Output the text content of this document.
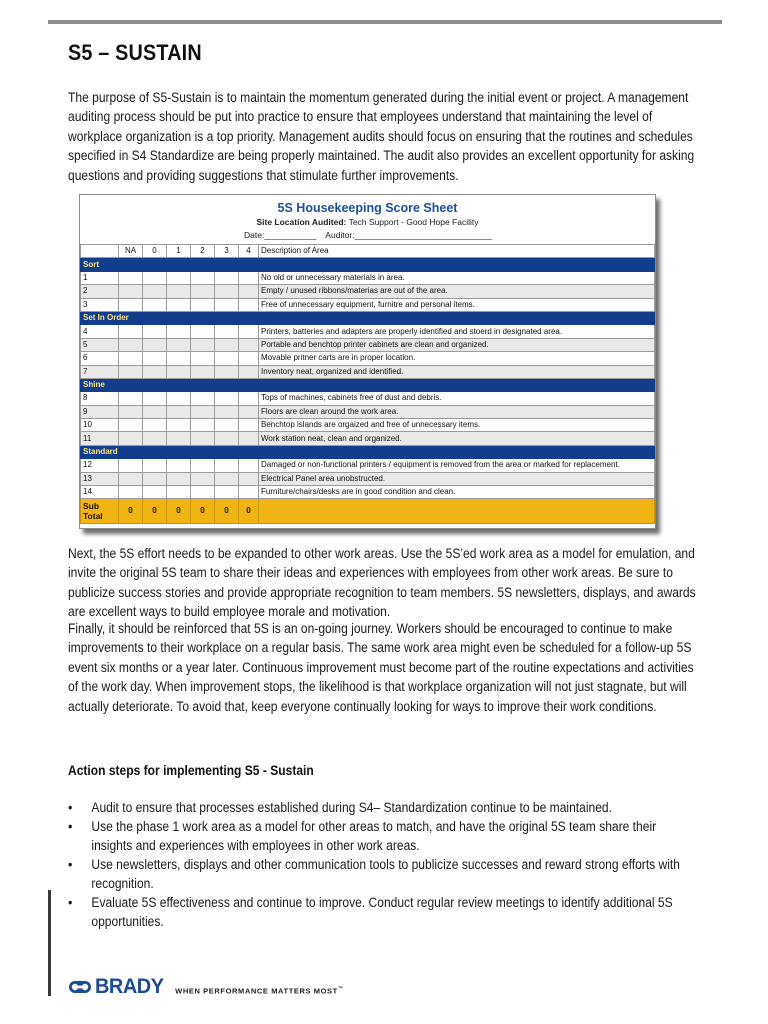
S5 – SUSTAIN

The purpose of S5-Sustain is to maintain the momentum generated during the initial event or project. A management auditing process should be put into practice to ensure that employees understand that maintaining the level of workplace organization is a top priority. Management audits should focus on ensuring that the routines and schedules specified in S4 Standardize are being properly maintained. The audit also provides an excellent opportunity for asking questions and providing suggestions that stimulate further improvements.

5S Housekeeping Score Sheet
Site Location Audited: Tech Support - Good Hope Facility
Date:___________    Auditor:_____________________________
	NA	0	1	2	3	4	Description of Area
Sort							
1							No old or unnecessary materials in area.
2							Empty / unused ribbons/materias are out of the area.
3							Free of unnecessary equipment, furnitre and personal items.
Set In Order							
4							Printers, batteries and adapters are properly identified and stoerd in designated area.
5							Portable and benchtop printer cabinets are clean and organized.
6							Movable pritner carts are in proper location.
7							Inventory neat, organized and identified.
Shine							
8							Tops of machines, cabinets free of dust and debris.
9							Floors are clean around the work area.
10							Benchtop islands are orgaized and free of unnecessary items.
11							Work station neat, clean and organized.
Standard							
12							Damaged or non-functional printers / equipment is removed from the area or marked for replacement.
13							Electrical Panel area unobstructed.
14							Furniture/chairs/desks are in good condition and clean.
Sub Total	0	0	0	0	0	0	

Next, the 5S effort needs to be expanded to other work areas. Use the 5S’ed work area as a model for emulation, and invite the original 5S team to share their ideas and experiences with employees from other work areas. Be sure to publicize success stories and provide appropriate recognition to team members. 5S newsletters, displays, and awards are excellent ways to build employee morale and motivation.

Finally, it should be reinforced that 5S is an on-going journey. Workers should be encouraged to continue to make improvements to their workplace on a regular basis. The same work area might even be scheduled for a follow-up 5S event six months or a year later. Continuous improvement must become part of the routine expectations and activities of the work day. When improvement stops, the likelihood is that workplace organization will not just stagnate, but will actually deteriorate. To avoid that, keep everyone continually looking for ways to improve their work conditions.

Action steps for implementing S5 - Sustain

• Audit to ensure that processes established during S4– Standardization continue to be maintained.
• Use the phase 1 work area as a model for other areas to match, and have the original 5S team share their insights and experiences with employees in other work areas.
• Use newsletters, displays and other communication tools to publicize successes and reward strong efforts with recognition.
• Evaluate 5S effectiveness and continue to improve. Conduct regular review meetings to identify additional 5S opportunities.
BRADY WHEN PERFORMANCE MATTERS MOST™
